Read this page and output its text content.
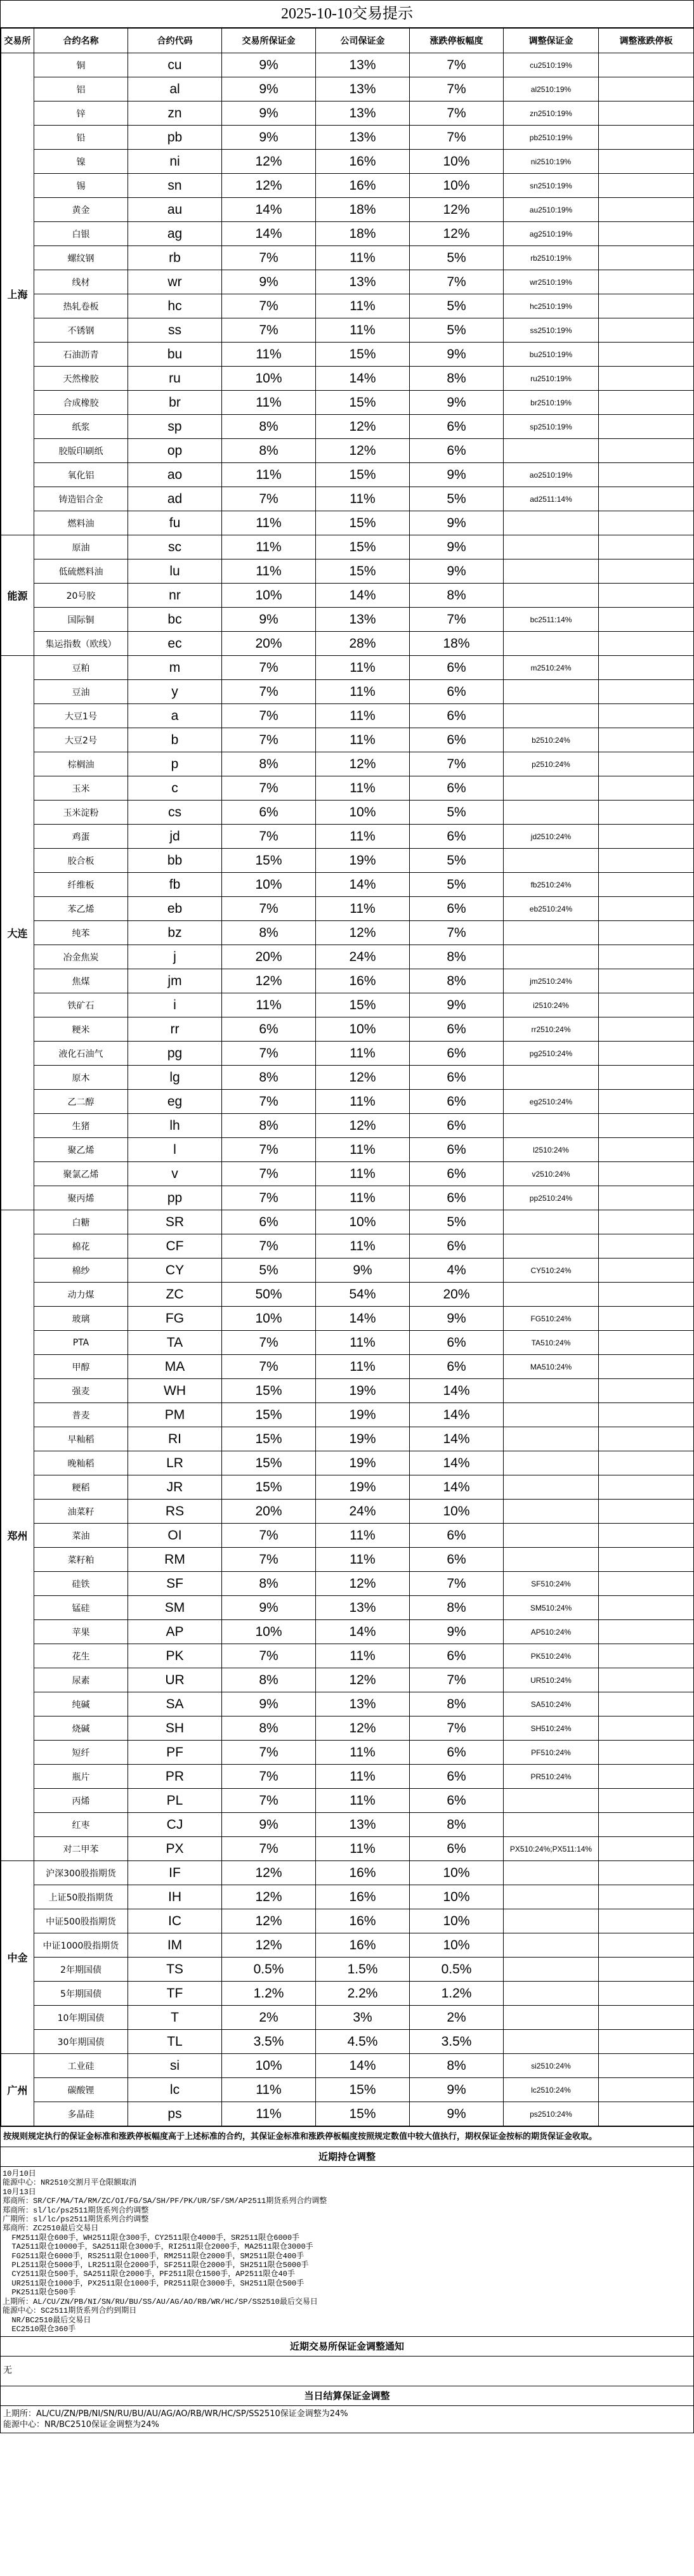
2025-10-10交易提示
交易所	合约名称	合约代码	交易所保证金	公司保证金	涨跌停板幅度	调整保证金	调整涨跌停板
上海	铜	cu	9%	13%	7%	cu2510:19%	
	铝	al	9%	13%	7%	al2510:19%	
	锌	zn	9%	13%	7%	zn2510:19%	
	铅	pb	9%	13%	7%	pb2510:19%	
	镍	ni	12%	16%	10%	ni2510:19%	
	锡	sn	12%	16%	10%	sn2510:19%	
	黄金	au	14%	18%	12%	au2510:19%	
	白银	ag	14%	18%	12%	ag2510:19%	
	螺纹钢	rb	7%	11%	5%	rb2510:19%	
	线材	wr	9%	13%	7%	wr2510:19%	
	热轧卷板	hc	7%	11%	5%	hc2510:19%	
	不锈钢	ss	7%	11%	5%	ss2510:19%	
	石油沥青	bu	11%	15%	9%	bu2510:19%	
	天然橡胶	ru	10%	14%	8%	ru2510:19%	
	合成橡胶	br	11%	15%	9%	br2510:19%	
	纸浆	sp	8%	12%	6%	sp2510:19%	
	胶版印刷纸	op	8%	12%	6%		
	氧化铝	ao	11%	15%	9%	ao2510:19%	
	铸造铝合金	ad	7%	11%	5%	ad2511:14%	
	燃料油	fu	11%	15%	9%		
能源	原油	sc	11%	15%	9%		
	低硫燃料油	lu	11%	15%	9%		
	20号胶	nr	10%	14%	8%		
	国际铜	bc	9%	13%	7%	bc2511:14%	
	集运指数（欧线）	ec	20%	28%	18%		
大连	豆粕	m	7%	11%	6%	m2510:24%	
	豆油	y	7%	11%	6%		
	大豆1号	a	7%	11%	6%		
	大豆2号	b	7%	11%	6%	b2510:24%	
	棕榈油	p	8%	12%	7%	p2510:24%	
	玉米	c	7%	11%	6%		
	玉米淀粉	cs	6%	10%	5%		
	鸡蛋	jd	7%	11%	6%	jd2510:24%	
	胶合板	bb	15%	19%	5%		
	纤维板	fb	10%	14%	5%	fb2510:24%	
	苯乙烯	eb	7%	11%	6%	eb2510:24%	
	纯苯	bz	8%	12%	7%		
	冶金焦炭	j	20%	24%	8%		
	焦煤	jm	12%	16%	8%	jm2510:24%	
	铁矿石	i	11%	15%	9%	i2510:24%	
	粳米	rr	6%	10%	6%	rr2510:24%	
	液化石油气	pg	7%	11%	6%	pg2510:24%	
	原木	lg	8%	12%	6%		
	乙二醇	eg	7%	11%	6%	eg2510:24%	
	生猪	lh	8%	12%	6%		
	聚乙烯	l	7%	11%	6%	l2510:24%	
	聚氯乙烯	v	7%	11%	6%	v2510:24%	
	聚丙烯	pp	7%	11%	6%	pp2510:24%	
郑州	白糖	SR	6%	10%	5%		
	棉花	CF	7%	11%	6%		
	棉纱	CY	5%	9%	4%	CY510:24%	
	动力煤	ZC	50%	54%	20%		
	玻璃	FG	10%	14%	9%	FG510:24%	
	PTA	TA	7%	11%	6%	TA510:24%	
	甲醇	MA	7%	11%	6%	MA510:24%	
	强麦	WH	15%	19%	14%		
	普麦	PM	15%	19%	14%		
	早籼稻	RI	15%	19%	14%		
	晚籼稻	LR	15%	19%	14%		
	粳稻	JR	15%	19%	14%		
	油菜籽	RS	20%	24%	10%		
	菜油	OI	7%	11%	6%		
	菜籽粕	RM	7%	11%	6%		
	硅铁	SF	8%	12%	7%	SF510:24%	
	锰硅	SM	9%	13%	8%	SM510:24%	
	苹果	AP	10%	14%	9%	AP510:24%	
	花生	PK	7%	11%	6%	PK510:24%	
	尿素	UR	8%	12%	7%	UR510:24%	
	纯碱	SA	9%	13%	8%	SA510:24%	
	烧碱	SH	8%	12%	7%	SH510:24%	
	短纤	PF	7%	11%	6%	PF510:24%	
	瓶片	PR	7%	11%	6%	PR510:24%	
	丙烯	PL	7%	11%	6%		
	红枣	CJ	9%	13%	8%		
	对二甲苯	PX	7%	11%	6%	PX510:24%;PX511:14%	
中金	沪深300股指期货	IF	12%	16%	10%		
	上证50股指期货	IH	12%	16%	10%		
	中证500股指期货	IC	12%	16%	10%		
	中证1000股指期货	IM	12%	16%	10%		
	2年期国债	TS	0.5%	1.5%	0.5%		
	5年期国债	TF	1.2%	2.2%	1.2%		
	10年期国债	T	2%	3%	2%		
	30年期国债	TL	3.5%	4.5%	3.5%		
广州	工业硅	si	10%	14%	8%	si2510:24%	
	碳酸锂	lc	11%	15%	9%	lc2510:24%	
	多晶硅	ps	11%	15%	9%	ps2510:24%	
按规则规定执行的保证金标准和涨跌停板幅度高于上述标准的合约，其保证金标准和涨跌停板幅度按照规定数值中较大值执行，期权保证金按标的期货保证金收取。
近期持仓调整
10月10日
能源中心：NR2510交割月平仓限额取消
10月13日
郑商所：SR/CF/MA/TA/RM/ZC/OI/FG/SA/SH/PF/PK/UR/SF/SM/AP2511期货系列合约调整
郑商所：sl/lc/ps2511期货系列合约调整
广期所：sl/lc/ps2511期货系列合约调整
郑商所：ZC2510最后交易日
FM2511限仓600手，WH2511限仓300手，CY2511限仓4000手，SR2511限仓6000手
TA2511限仓10000手，SA2511限仓3000手，RI2511限仓2000手，MA2511限仓3000手
FG2511限仓6000手，RS2511限仓1000手，RM2511限仓2000手，SM2511限仓400手
PL2511限仓5000手，LR2511限仓2000手，SF2511限仓2000手，SH2511限仓5000手
CY2511限仓500手，SA2511限仓2000手，PF2511限仓1500手，AP2511限仓40手
UR2511限仓1000手，PX2511限仓1000手，PR2511限仓3000手，SH2511限仓500手
PK2511限仓500手
上期所：AL/CU/ZN/PB/NI/SN/RU/BU/SS/AU/AG/AO/RB/WR/HC/SP/SS2510最后交易日
能源中心：SC2511期货系列合约到期日
NR/BC2510最后交易日
EC2510限仓360手
近期交易所保证金调整通知
无
当日结算保证金调整
上期所：AL/CU/ZN/PB/NI/SN/RU/BU/AU/AG/AO/RB/WR/HC/SP/SS2510保证金调整为24%
能源中心：NR/BC2510保证金调整为24%
